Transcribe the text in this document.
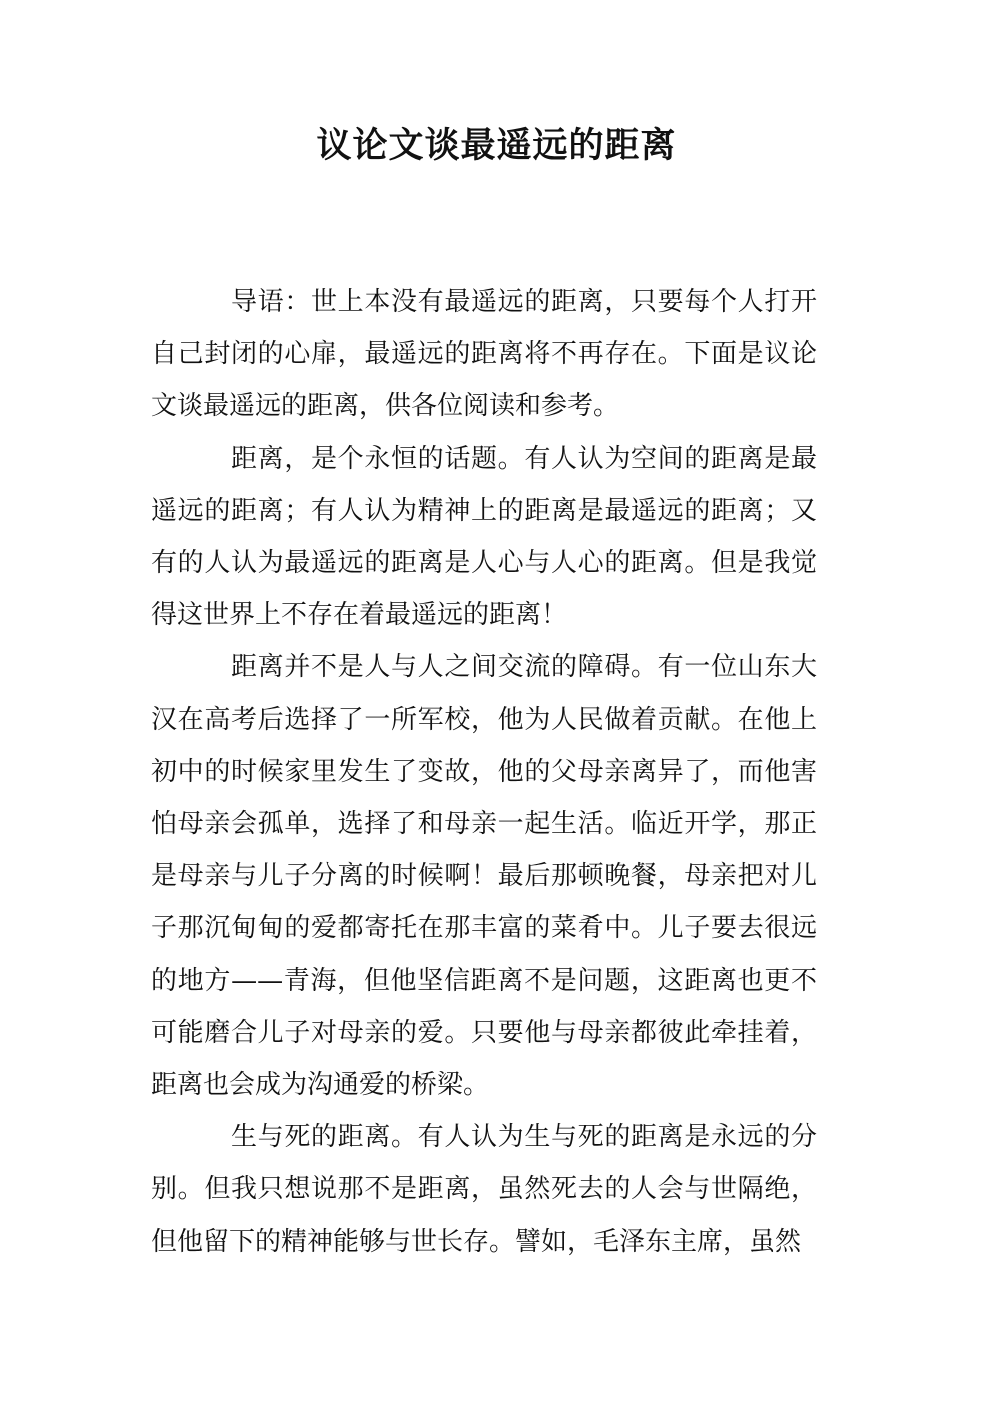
议论文谈最遥远的距离

导语：世上本没有最遥远的距离，只要每个人打开自己封闭的心扉，最遥远的距离将不再存在。下面是议论文谈最遥远的距离，供各位阅读和参考。

距离，是个永恒的话题。有人认为空间的距离是最遥远的距离；有人认为精神上的距离是最遥远的距离；又有的人认为最遥远的距离是人心与人心的距离。但是我觉得这世界上不存在着最遥远的距离！

距离并不是人与人之间交流的障碍。有一位山东大汉在高考后选择了一所军校，他为人民做着贡献。在他上初中的时候家里发生了变故，他的父母亲离异了，而他害怕母亲会孤单，选择了和母亲一起生活。临近开学，那正是母亲与儿子分离的时候啊！最后那顿晚餐，母亲把对儿子那沉甸甸的爱都寄托在那丰富的菜肴中。儿子要去很远的地方——青海，但他坚信距离不是问题，这距离也更不可能磨合儿子对母亲的爱。只要他与母亲都彼此牵挂着，距离也会成为沟通爱的桥梁。

生与死的距离。有人认为生与死的距离是永远的分别。但我只想说那不是距离，虽然死去的人会与世隔绝，但他留下的精神能够与世长存。譬如，毛泽东主席，虽然
